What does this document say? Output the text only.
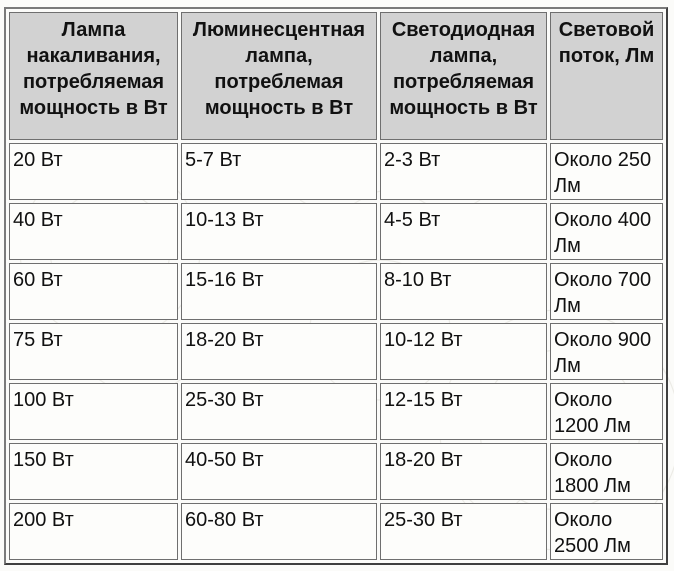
Лампа накаливания, потребляемая мощность в Вт	Люминесцентная лампа, потреблемая мощность в Вт	Светодиодная лампа, потребляемая мощность в Вт	Световой поток, Лм
20 Вт	5-7 Вт	2-3 Вт	Около 250 Лм
40 Вт	10-13 Вт	4-5 Вт	Около 400 Лм
60 Вт	15-16 Вт	8-10 Вт	Около 700 Лм
75 Вт	18-20 Вт	10-12 Вт	Около 900 Лм
100 Вт	25-30 Вт	12-15 Вт	Около 1200 Лм
150 Вт	40-50 Вт	18-20 Вт	Около 1800 Лм
200 Вт	60-80 Вт	25-30 Вт	Около 2500 Лм
